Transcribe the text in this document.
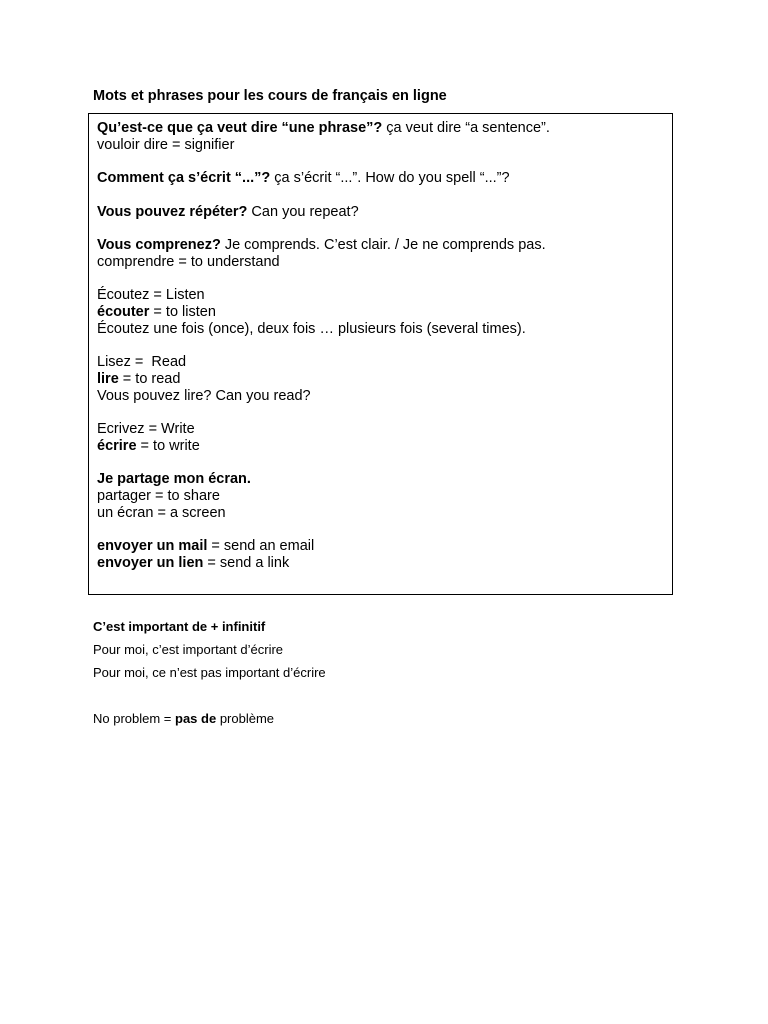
Mots et phrases pour les cours de français en ligne
Qu’est-ce que ça veut dire “une phrase”? ça veut dire “a sentence”.
vouloir dire = signifier
Comment ça s’écrit “...”? ça s’écrit “...”. How do you spell “...”?
Vous pouvez répéter? Can you repeat?
Vous comprenez? Je comprends. C’est clair. / Je ne comprends pas.
comprendre = to understand
Écoutez = Listen
écouter = to listen
Écoutez une fois (once), deux fois … plusieurs fois (several times).
Lisez =  Read
lire = to read
Vous pouvez lire? Can you read?
Ecrivez = Write
écrire = to write
Je partage mon écran.
partager = to share
un écran = a screen
envoyer un mail = send an email
envoyer un lien = send a link

C’est important de + infinitif

Pour moi, c’est important d’écrire

Pour moi, ce n’est pas important d’écrire

No problem = pas de problème
